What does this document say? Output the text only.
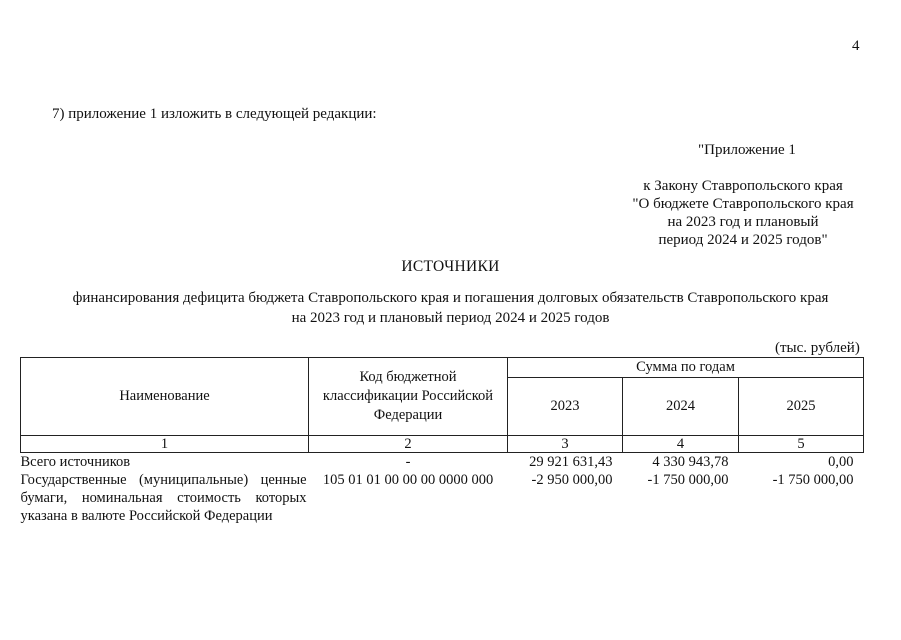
4
7) приложение 1 изложить в следующей редакции:
"Приложение 1
к Закону Ставропольского края
"О бюджете Ставропольского края
на 2023 год и плановый
период 2024 и 2025 годов"
ИСТОЧНИКИ
финансирования дефицита бюджета Ставропольского края и погашения долговых обязательств Ставропольского края
на 2023 год и плановый период 2024 и 2025 годов
(тыс. рублей)
Наименование	Код бюджетной классификации Российской Федерации	Сумма по годам		
		2023	2024	2025
1	2	3	4	5
Всего источников	-	29 921 631,43	4 330 943,78	0,00
Государственные (муниципальные) ценные бумаги, номинальная стоимость которых указана в валюте Российской Федерации	105 01 01 00 00 00 0000 000	-2 950 000,00	-1 750 000,00	-1 750 000,00
